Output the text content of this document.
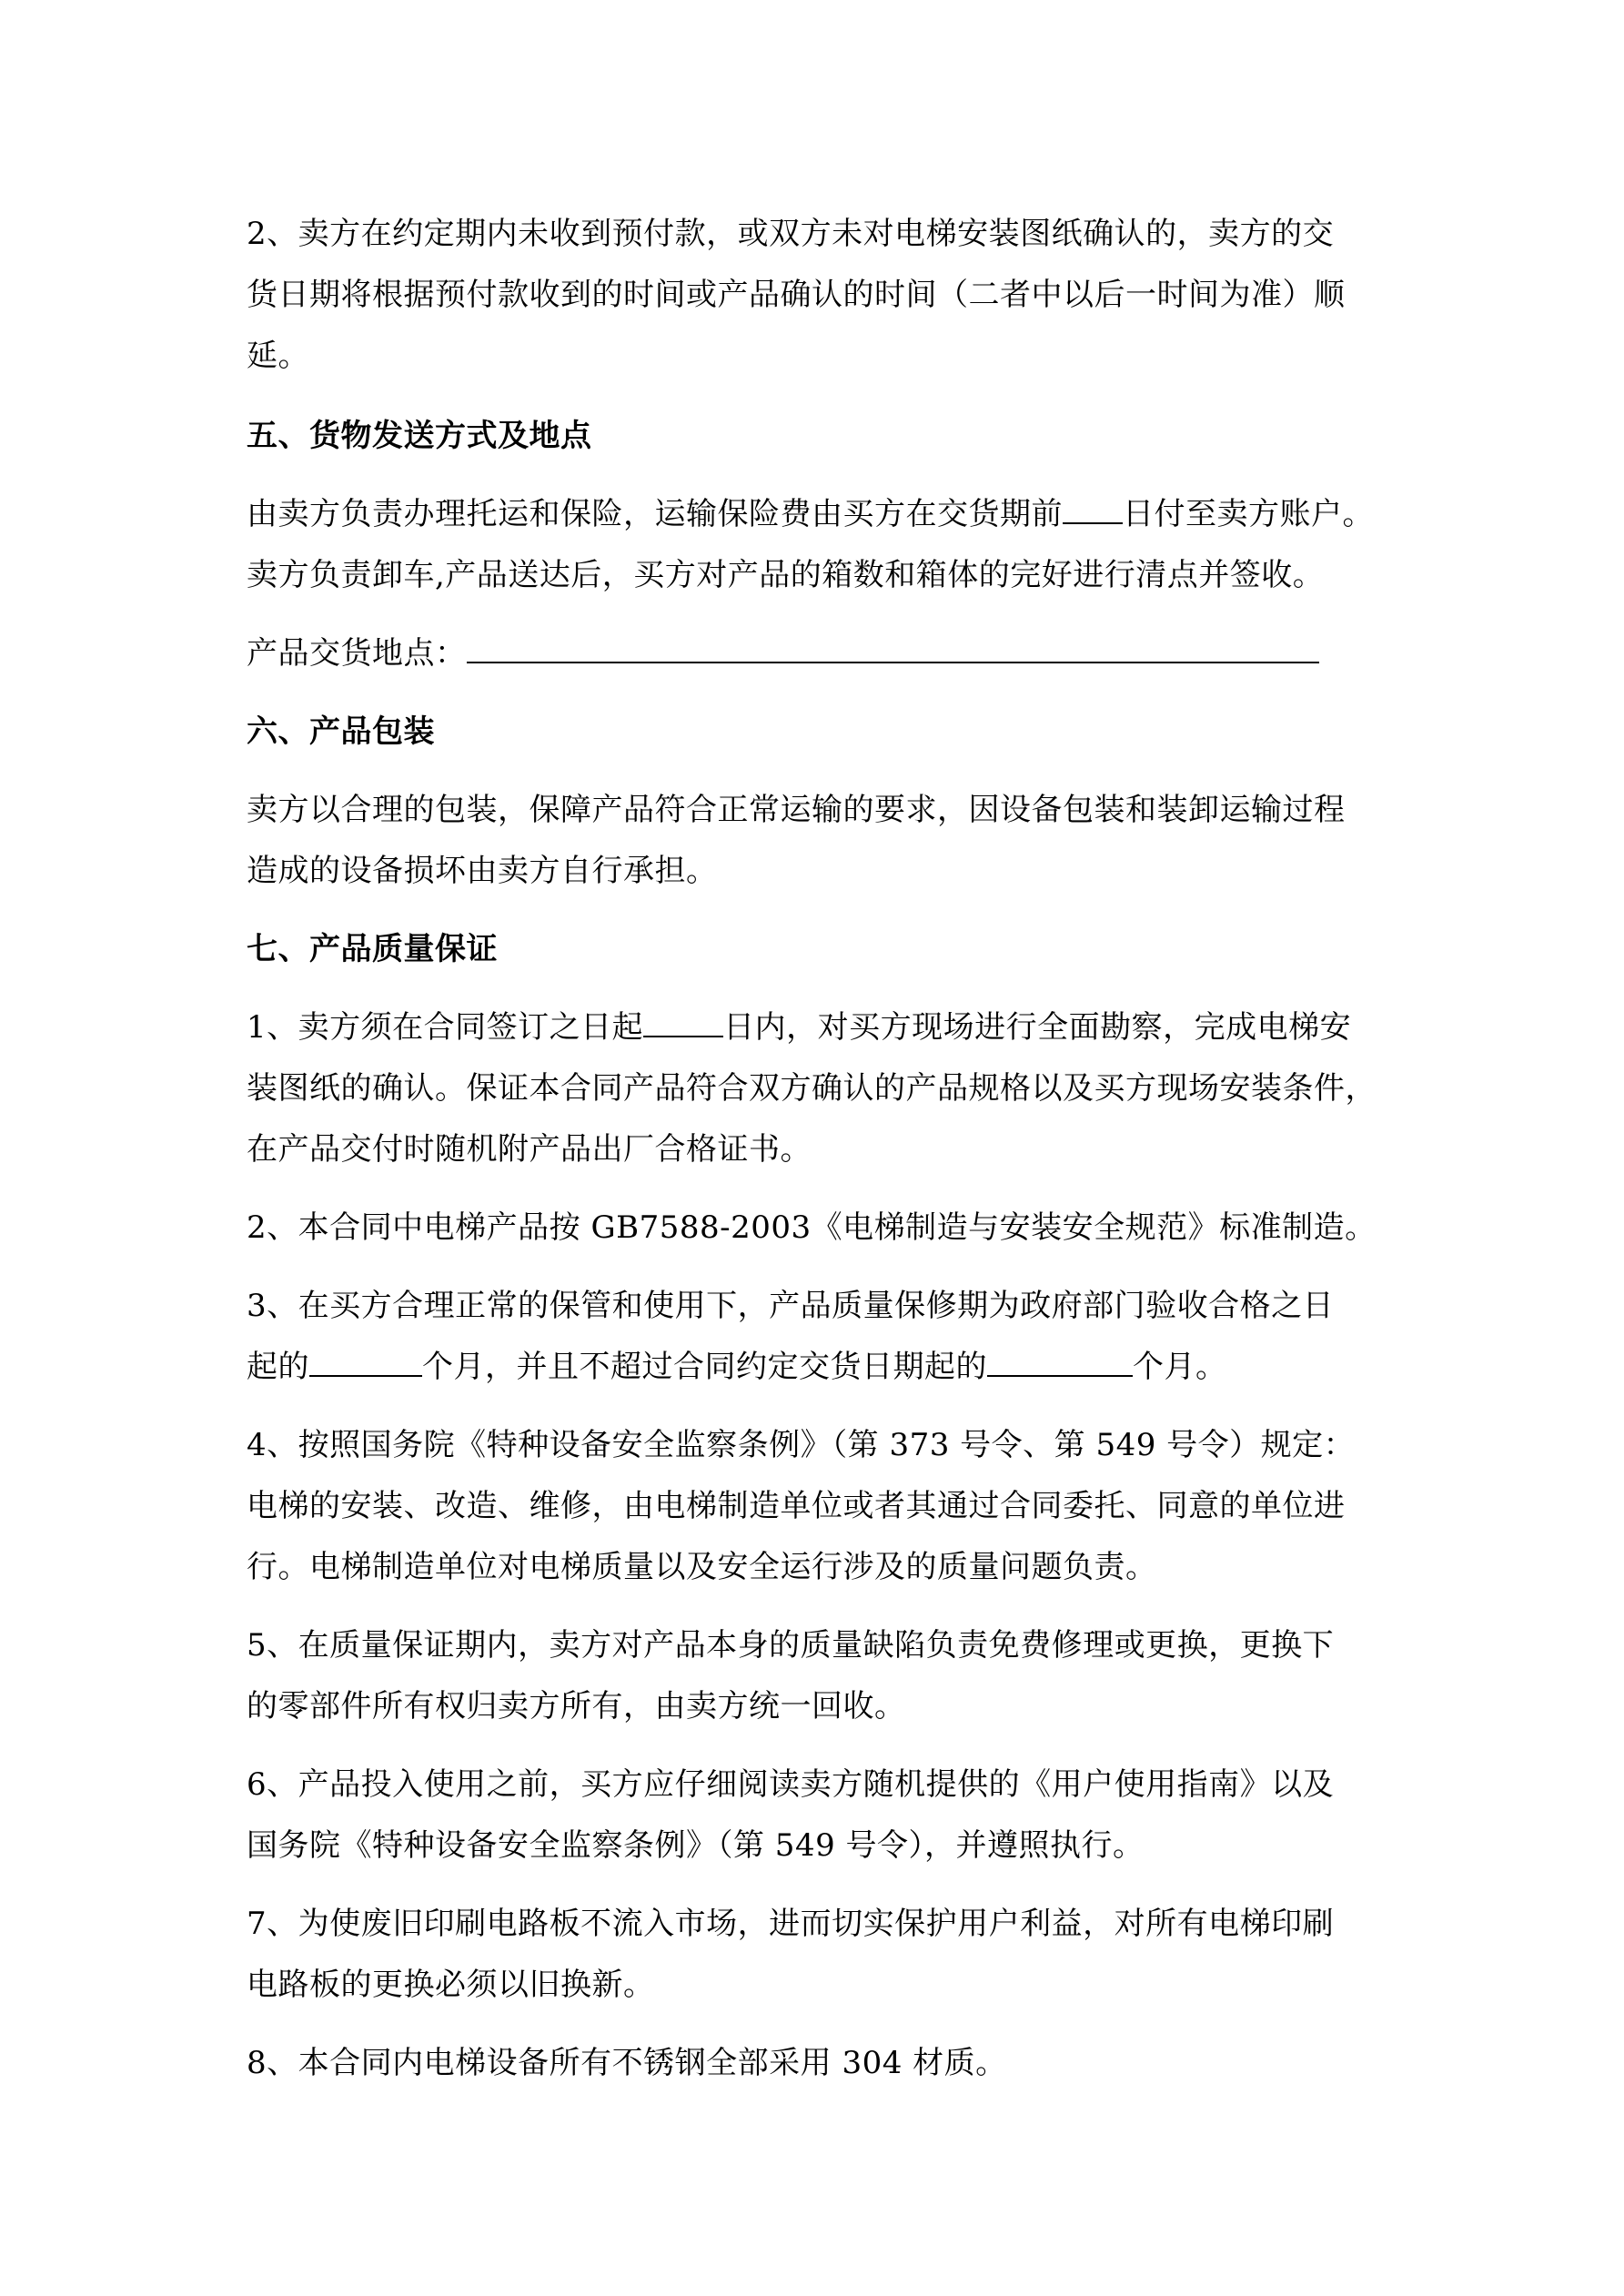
2、卖方在约定期内未收到预付款，或双方未对电梯安装图纸确认的，卖方的交

货日期将根据预付款收到的时间或产品确认的时间（二者中以后一时间为准）顺

延。

五、货物发送方式及地点

由卖方负责办理托运和保险，运输保险费由买方在交货期前 日付至卖方账户。

卖方负责卸车,产品送达后，买方对产品的箱数和箱体的完好进行清点并签收。

产品交货地点：

六、产品包装

卖方以合理的包装，保障产品符合正常运输的要求，因设备包装和装卸运输过程

造成的设备损坏由卖方自行承担。

七、产品质量保证

1、卖方须在合同签订之日起	日内，对买方现场进行全面勘察，完成电梯安

装图纸的确认。保证本合同产品符合双方确认的产品规格以及买方现场安装条件，

在产品交付时随机附产品出厂合格证书。

2、本合同中电梯产品按 GB7588-2003《电梯制造与安装安全规范》标准制造。

3、在买方合理正常的保管和使用下，产品质量保修期为政府部门验收合格之日

起的	个月，并且不超过合同约定交货日期起的	个月。

4、按照国务院《特种设备安全监察条例》（第 373 号令、第 549 号令）规定：

电梯的安装、改造、维修，由电梯制造单位或者其通过合同委托、同意的单位进

行。电梯制造单位对电梯质量以及安全运行涉及的质量问题负责。

5、在质量保证期内，卖方对产品本身的质量缺陷负责免费修理或更换，更换下

的零部件所有权归卖方所有，由卖方统一回收。

6、产品投入使用之前，买方应仔细阅读卖方随机提供的《用户使用指南》以及

国务院《特种设备安全监察条例》（第 549 号令），并遵照执行。

7、为使废旧印刷电路板不流入市场，进而切实保护用户利益，对所有电梯印刷

电路板的更换必须以旧换新。

8、本合同内电梯设备所有不锈钢全部采用 304 材质。
